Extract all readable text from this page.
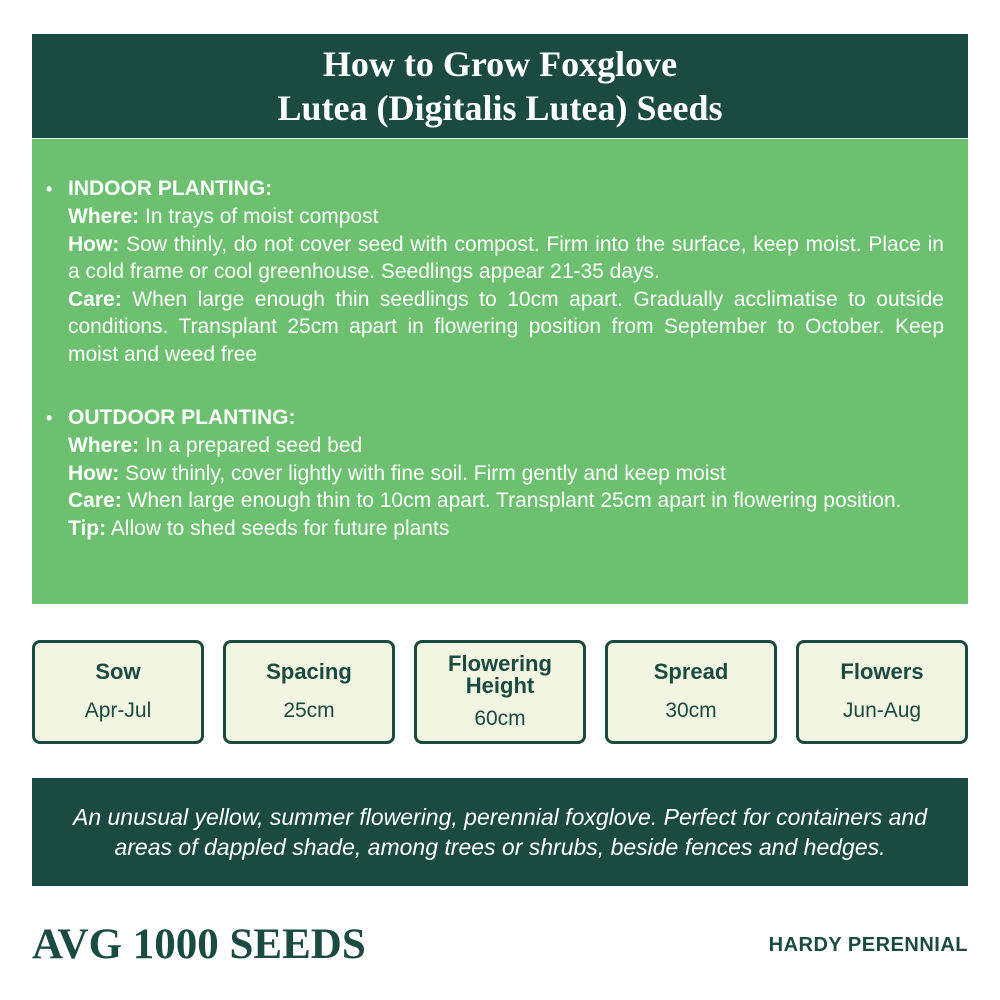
How to Grow Foxglove
Lutea (Digitalis Lutea) Seeds
• INDOOR PLANTING:
Where: In trays of moist compost
How: Sow thinly, do not cover seed with compost. Firm into the surface, keep moist. Place in a cold frame or cool greenhouse. Seedlings appear 21-35 days.
Care: When large enough thin seedlings to 10cm apart. Gradually acclimatise to outside conditions. Transplant 25cm apart in flowering position from September to October. Keep moist and weed free
• OUTDOOR PLANTING:
Where: In a prepared seed bed
How: Sow thinly, cover lightly with fine soil. Firm gently and keep moist
Care: When large enough thin to 10cm apart. Transplant 25cm apart in flowering position.
Tip: Allow to shed seeds for future plants
Sow
Apr-Jul
Spacing
25cm
Flowering Height
60cm
Spread
30cm
Flowers
Jun-Aug

An unusual yellow, summer flowering, perennial foxglove. Perfect for containers and areas of dappled shade, among trees or shrubs, beside fences and hedges.

AVG 1000 SEEDS	HARDY PERENNIAL
